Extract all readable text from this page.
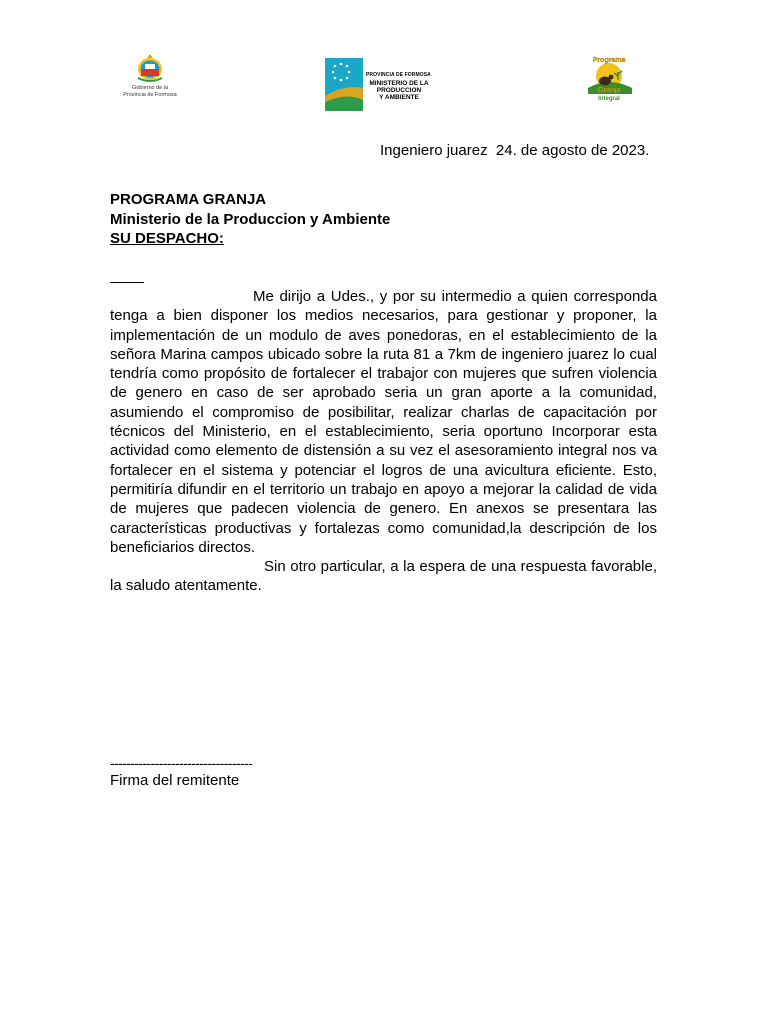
Gobierno de la
Provincia de Formosa
PROVINCIA DE FORMOSA
MINISTERIO DE LA
PRODUCCION
Y AMBIENTE
Programa
Granja
Integral
Ingeniero juarez  24. de agosto de 2023.
PROGRAMA GRANJA
Ministerio de la Produccion y Ambiente
SU DESPACHO:

Me dirijo a Udes., y por su intermedio a quien corresponda tenga a bien disponer los medios necesarios, para gestionar y proponer, la implementación de un modulo de aves ponedoras, en el establecimiento de la señora Marina campos ubicado sobre la ruta 81 a 7km de ingeniero juarez lo cual tendría como propósito de fortalecer el trabajor con mujeres que sufren violencia de genero en caso de ser aprobado seria un gran aporte a la comunidad, asumiendo el compromiso de posibilitar, realizar charlas de capacitación por técnicos del Ministerio, en el establecimiento, seria oportuno Incorporar esta actividad como elemento de distensión a su vez el asesoramiento integral nos va fortalecer en el sistema y potenciar el logros de una avicultura eficiente. Esto, permitiría difundir en el territorio un trabajo en apoyo a mejorar la calidad de vida de mujeres que padecen violencia de genero. En anexos se presentara las características productivas y fortalezas como comunidad,la descripción de los beneficiarios directos.

Sin otro particular, a la espera de una respuesta favorable, la saludo atentamente.

-----------------------------------
Firma del remitente
